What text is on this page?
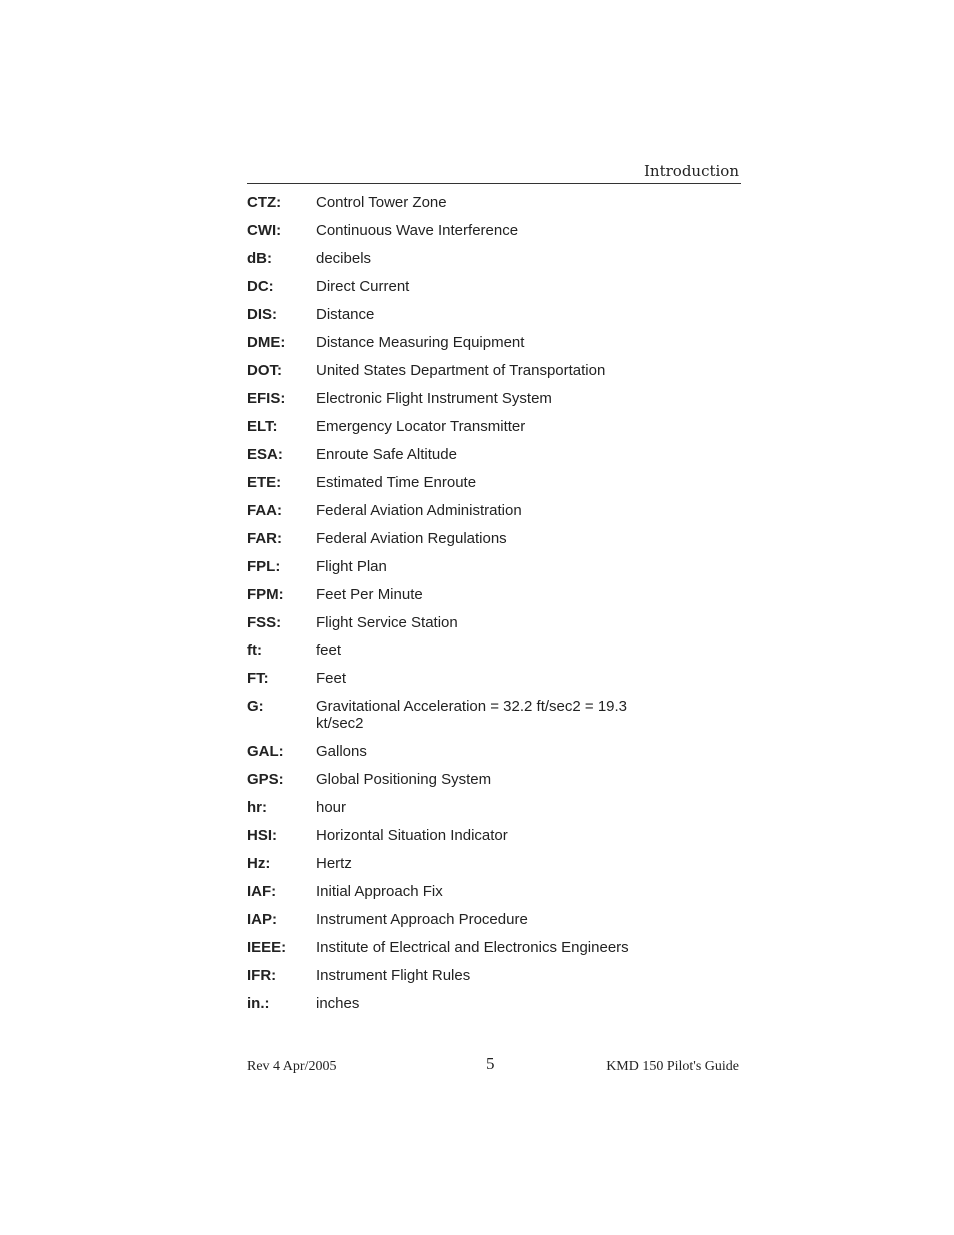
Introduction
CTZ:	Control Tower Zone
CWI:	Continuous Wave Interference
dB:	decibels
DC:	Direct Current
DIS:	Distance
DME:	Distance Measuring Equipment
DOT:	United States Department of Transportation
EFIS:	Electronic Flight Instrument System
ELT:	Emergency Locator Transmitter
ESA:	Enroute Safe Altitude
ETE:	Estimated Time Enroute
FAA:	Federal Aviation Administration
FAR:	Federal Aviation Regulations
FPL:	Flight Plan
FPM:	Feet Per Minute
FSS:	Flight Service Station
ft:	feet
FT:	Feet
G:	Gravitational Acceleration = 32.2 ft/sec2 = 19.3 kt/sec2
GAL:	Gallons
GPS:	Global Positioning System
hr:	hour
HSI:	Horizontal Situation Indicator
Hz:	Hertz
IAF:	Initial Approach Fix
IAP:	Instrument Approach Procedure
IEEE:	Institute of Electrical and Electronics Engineers
IFR:	Instrument Flight Rules
in.:	inches
Rev 4 Apr/2005	5	KMD 150 Pilot's Guide
